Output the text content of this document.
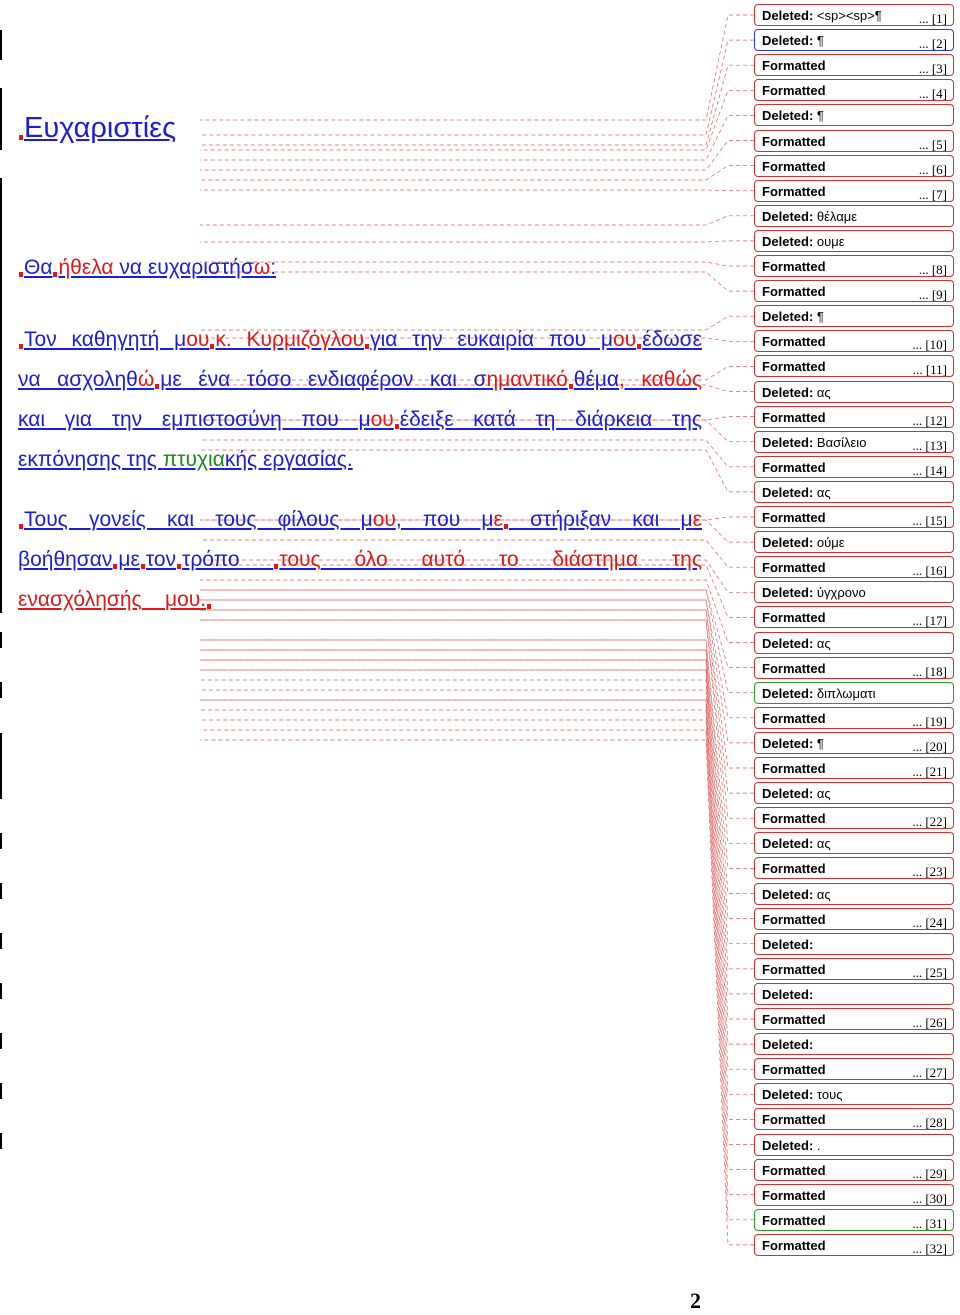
Ευχαριστίες
Θα ήθελα να ευχαριστήσω:
Τον καθηγητή μου κ. Κυρμιζόγλου για την ευκαιρία που μου έδωσε
να ασχοληθώ με ένα τόσο ενδιαφέρον και σημαντικό θέμα, καθώς
και για την εμπιστοσύνη που μου έδειξε κατά τη διάρκεια της
εκπόνησης της πτυχιακής εργασίας.
Τους γονείς και τους φίλους μου, που με στήριξαν και με
βοήθησαν με τον τρόπο τους όλο αυτό το διάστημα της
ενασχόλησής μου.
2
Deleted: <sp><sp>¶	... [1]
Deleted: ¶	... [2]
Formatted	... [3]
Formatted	... [4]
Deleted: ¶
Formatted	... [5]
Formatted	... [6]
Formatted	... [7]
Deleted: θέλαμε
Deleted: ουμε
Formatted	... [8]
Formatted	... [9]
Deleted: ¶
Formatted	... [10]
Formatted	... [11]
Deleted: ας
Formatted	... [12]
Deleted: Βασίλειο	... [13]
Formatted	... [14]
Deleted: ας
Formatted	... [15]
Deleted: ούμε
Formatted	... [16]
Deleted: ύγχρονο
Formatted	... [17]
Deleted: ας
Formatted	... [18]
Deleted: διπλωματι
Formatted	... [19]
Deleted: ¶	... [20]
Formatted	... [21]
Deleted: ας
Formatted	... [22]
Deleted: ας
Formatted	... [23]
Deleted: ας
Formatted	... [24]
Deleted:
Formatted	... [25]
Deleted:
Formatted	... [26]
Deleted:
Formatted	... [27]
Deleted: τους
Formatted	... [28]
Deleted: .
Formatted	... [29]
Formatted	... [30]
Formatted	... [31]
Formatted	... [32]
